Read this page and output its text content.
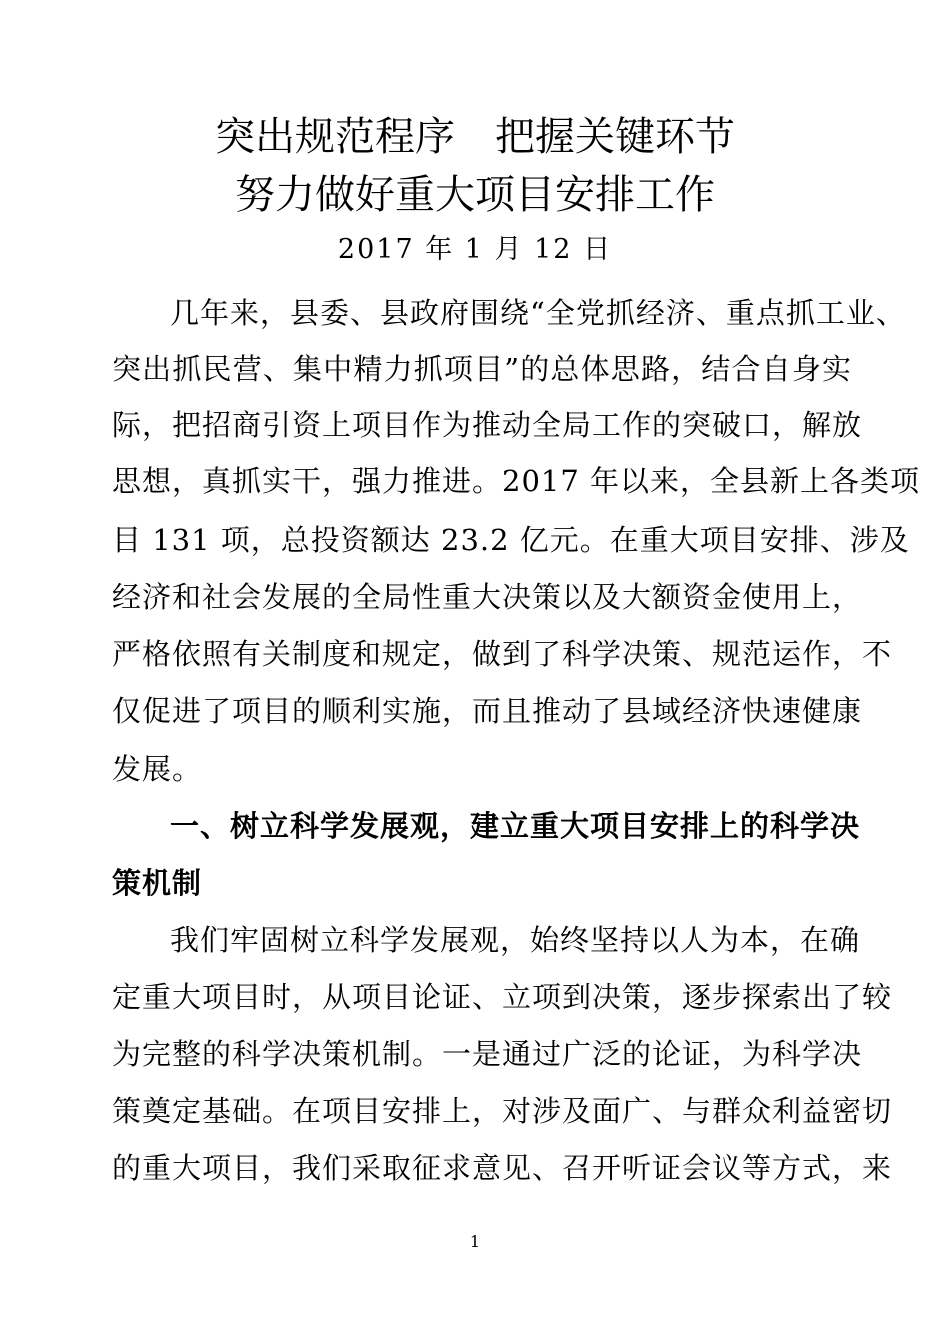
突出规范程序　把握关键环节
努力做好重大项目安排工作
2017 年 1 月 12 日
几年来，县委、县政府围绕“全党抓经济、重点抓工业、
突出抓民营、集中精力抓项目”的总体思路，结合自身实
际，把招商引资上项目作为推动全局工作的突破口，解放
思想，真抓实干，强力推进。2017 年以来，全县新上各类项
目 131 项，总投资额达 23.2 亿元。在重大项目安排、涉及
经济和社会发展的全局性重大决策以及大额资金使用上，
严格依照有关制度和规定，做到了科学决策、规范运作，不
仅促进了项目的顺利实施，而且推动了县域经济快速健康
发展。
一、树立科学发展观，建立重大项目安排上的科学决
策机制
我们牢固树立科学发展观，始终坚持以人为本，在确
定重大项目时，从项目论证、立项到决策，逐步探索出了较
为完整的科学决策机制。一是通过广泛的论证，为科学决
策奠定基础。在项目安排上，对涉及面广、与群众利益密切
的重大项目，我们采取征求意见、召开听证会议等方式，来
1
